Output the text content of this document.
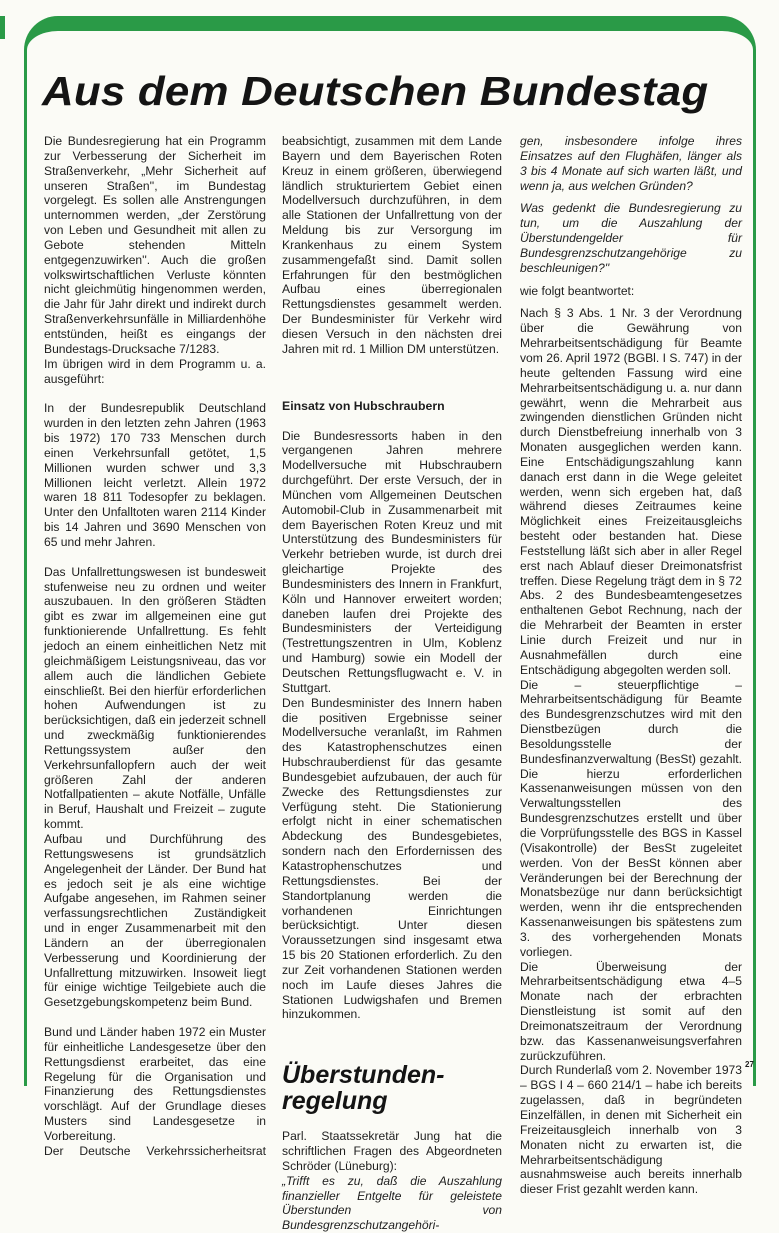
Aus dem Deutschen Bundestag

Die Bundesregierung hat ein Programm zur Verbesserung der Sicherheit im Straßenverkehr, „Mehr Sicherheit auf unseren Straßen'', im Bundestag vorgelegt. Es sollen alle Anstrengungen unternommen werden, „der Zerstörung von Leben und Gesundheit mit allen zu Gebote stehenden Mitteln entgegenzuwirken''. Auch die großen volkswirtschaftlichen Verluste könnten nicht gleichmütig hingenommen werden, die Jahr für Jahr direkt und indirekt durch Straßenverkehrsunfälle in Milliardenhöhe entstünden, heißt es eingangs der Bundestags-Drucksache 7/1283.

Im übrigen wird in dem Programm u. a. ausgeführt:

In der Bundesrepublik Deutschland wurden in den letzten zehn Jahren (1963 bis 1972) 170 733 Menschen durch einen Verkehrsunfall getötet, 1,5 Millionen wurden schwer und 3,3 Millionen leicht verletzt. Allein 1972 waren 18 811 Todesopfer zu beklagen. Unter den Unfalltoten waren 2114 Kinder bis 14 Jahren und 3690 Menschen von 65 und mehr Jahren.

Das Unfallrettungswesen ist bundesweit stufenweise neu zu ordnen und weiter auszubauen. In den größeren Städten gibt es zwar im allgemeinen eine gut funktionierende Unfallrettung. Es fehlt jedoch an einem einheitlichen Netz mit gleichmäßigem Leistungsniveau, das vor allem auch die ländlichen Gebiete einschließt. Bei den hierfür erforderlichen hohen Aufwendungen ist zu berücksichtigen, daß ein jederzeit schnell und zweckmäßig funktionierendes Rettungssystem außer den Verkehrsunfallopfern auch der weit größeren Zahl der anderen Notfallpatienten – akute Notfälle, Unfälle in Beruf, Haushalt und Freizeit – zugute kommt.

Aufbau und Durchführung des Rettungswesens ist grundsätzlich Angelegenheit der Länder. Der Bund hat es jedoch seit je als eine wichtige Aufgabe angesehen, im Rahmen seiner verfassungsrechtlichen Zuständigkeit und in enger Zusammenarbeit mit den Ländern an der überregionalen Verbesserung und Koordinierung der Unfallrettung mitzuwirken. Insoweit liegt für einige wichtige Teilgebiete auch die Gesetzgebungskompetenz beim Bund.

Bund und Länder haben 1972 ein Muster für einheitliche Landesgesetze über den Rettungsdienst erarbeitet, das eine Regelung für die Organisation und Finanzierung des Rettungsdienstes vorschlägt. Auf der Grundlage dieses Musters sind Landesgesetze in Vorbereitung.

Der Deutsche Verkehrssicherheitsrat

beabsichtigt, zusammen mit dem Lande Bayern und dem Bayerischen Roten Kreuz in einem größeren, überwiegend ländlich strukturiertem Gebiet einen Modellversuch durchzuführen, in dem alle Stationen der Unfallrettung von der Meldung bis zur Versorgung im Krankenhaus zu einem System zusammengefaßt sind. Damit sollen Erfahrungen für den bestmöglichen Aufbau eines überregionalen Rettungsdienstes gesammelt werden. Der Bundesminister für Verkehr wird diesen Versuch in den nächsten drei Jahren mit rd. 1 Million DM unterstützen.

Einsatz von Hubschraubern

Die Bundesressorts haben in den vergangenen Jahren mehrere Modellversuche mit Hubschraubern durchgeführt. Der erste Versuch, der in München vom Allgemeinen Deutschen Automobil-Club in Zusammenarbeit mit dem Bayerischen Roten Kreuz und mit Unterstützung des Bundesministers für Verkehr betrieben wurde, ist durch drei gleichartige Projekte des Bundesministers des Innern in Frankfurt, Köln und Hannover erweitert worden; daneben laufen drei Projekte des Bundesministers der Verteidigung (Testrettungszentren in Ulm, Koblenz und Hamburg) sowie ein Modell der Deutschen Rettungsflugwacht e. V. in Stuttgart.

Den Bundesminister des Innern haben die positiven Ergebnisse seiner Modellversuche veranlaßt, im Rahmen des Katastrophenschutzes einen Hubschrauberdienst für das gesamte Bundesgebiet aufzubauen, der auch für Zwecke des Rettungsdienstes zur Verfügung steht. Die Stationierung erfolgt nicht in einer schematischen Abdeckung des Bundesgebietes, sondern nach den Erfordernissen des Katastrophenschutzes und Rettungsdienstes. Bei der Standortplanung werden die vorhandenen Einrichtungen berücksichtigt. Unter diesen Voraussetzungen sind insgesamt etwa 15 bis 20 Stationen erforderlich. Zu den zur Zeit vorhandenen Stationen werden noch im Laufe dieses Jahres die Stationen Ludwigshafen und Bremen hinzukommen.

Überstunden-
regelung

Parl. Staatssekretär Jung hat die schriftlichen Fragen des Abgeordneten Schröder (Lüneburg):

„Trifft es zu, daß die Auszahlung finanzieller Entgelte für geleistete Überstunden von Bundesgrenzschutzangehöri-

gen, insbesondere infolge ihres Einsatzes auf den Flughäfen, länger als 3 bis 4 Monate auf sich warten läßt, und wenn ja, aus welchen Gründen?

Was gedenkt die Bundesregierung zu tun, um die Auszahlung der Überstundengelder für Bundesgrenzschutzangehörige zu beschleunigen?''

wie folgt beantwortet:

Nach § 3 Abs. 1 Nr. 3 der Verordnung über die Gewährung von Mehrarbeitsentschädigung für Beamte vom 26. April 1972 (BGBl. I S. 747) in der heute geltenden Fassung wird eine Mehrarbeitsentschädigung u. a. nur dann gewährt, wenn die Mehrarbeit aus zwingenden dienstlichen Gründen nicht durch Dienstbefreiung innerhalb von 3 Monaten ausgeglichen werden kann. Eine Entschädigungszahlung kann danach erst dann in die Wege geleitet werden, wenn sich ergeben hat, daß während dieses Zeitraumes keine Möglichkeit eines Freizeitausgleichs besteht oder bestanden hat. Diese Feststellung läßt sich aber in aller Regel erst nach Ablauf dieser Dreimonatsfrist treffen. Diese Regelung trägt dem in § 72 Abs. 2 des Bundesbeamtengesetzes enthaltenen Gebot Rechnung, nach der die Mehrarbeit der Beamten in erster Linie durch Freizeit und nur in Ausnahmefällen durch eine Entschädigung abgegolten werden soll.

Die – steuerpflichtige – Mehrarbeitsentschädigung für Beamte des Bundesgrenzschutzes wird mit den Dienstbezügen durch die Besoldungsstelle der Bundesfinanzverwaltung (BesSt) gezahlt. Die hierzu erforderlichen Kassenanweisungen müssen von den Verwaltungsstellen des Bundesgrenzschutzes erstellt und über die Vorprüfungsstelle des BGS in Kassel (Visakontrolle) der BesSt zugeleitet werden. Von der BesSt können aber Veränderungen bei der Berechnung der Monatsbezüge nur dann berücksichtigt werden, wenn ihr die entsprechenden Kassenanweisungen bis spätestens zum 3. des vorhergehenden Monats vorliegen.

Die Überweisung der Mehrarbeitsentschädigung etwa 4–5 Monate nach der erbrachten Dienstleistung ist somit auf den Dreimonatszeitraum der Verordnung bzw. das Kassenanweisungsverfahren zurückzuführen.

Durch Runderlaß vom 2. November 1973 – BGS I 4 – 660 214/1 – habe ich bereits zugelassen, daß in begründeten Einzelfällen, in denen mit Sicherheit ein Freizeitausgleich innerhalb von 3 Monaten nicht zu erwarten ist, die Mehrarbeitsentschädigung ausnahmsweise auch bereits innerhalb dieser Frist gezahlt werden kann.

27
